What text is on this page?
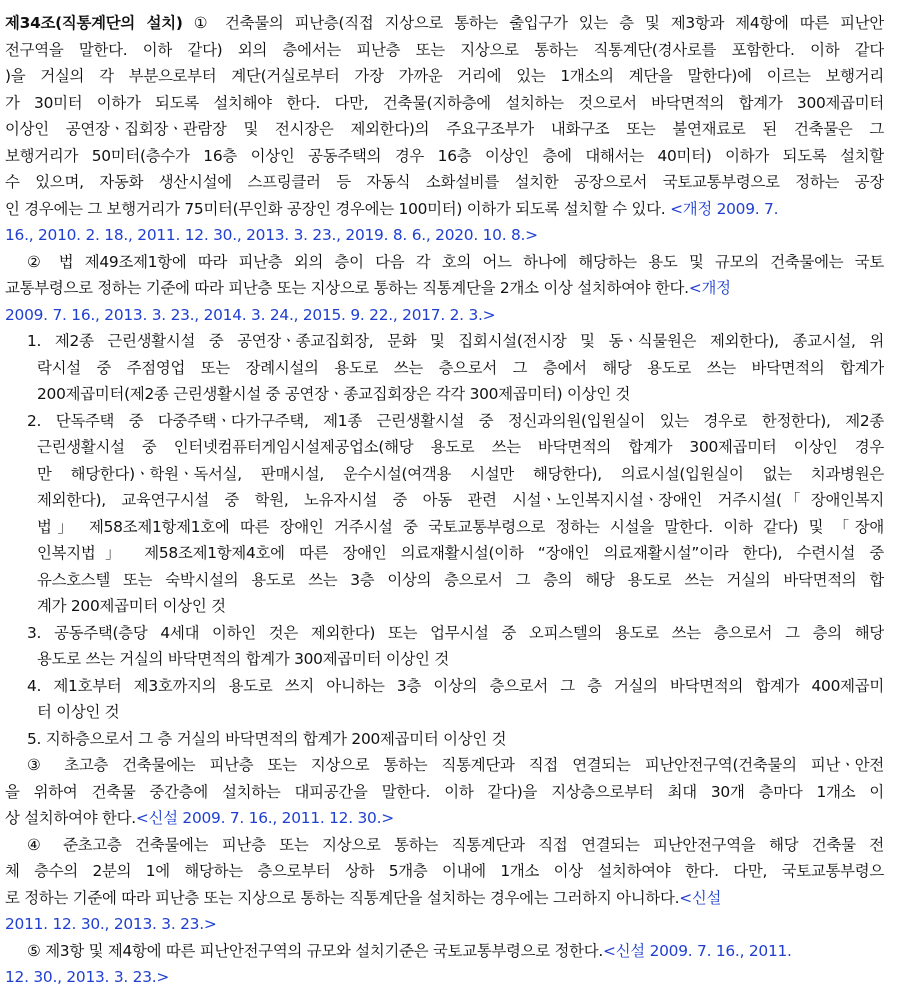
제34조(직통계단의 설치) ① 건축물의 피난층(직접 지상으로 통하는 출입구가 있는 층 및 제3항과 제4항에 따른 피난안
전구역을 말한다. 이하 같다) 외의 층에서는 피난층 또는 지상으로 통하는 직통계단(경사로를 포함한다. 이하 같다
)을 거실의 각 부분으로부터 계단(거실로부터 가장 가까운 거리에 있는 1개소의 계단을 말한다)에 이르는 보행거리
가 30미터 이하가 되도록 설치해야 한다. 다만, 건축물(지하층에 설치하는 것으로서 바닥면적의 합계가 300제곱미터
이상인 공연장ㆍ집회장ㆍ관람장 및 전시장은 제외한다)의 주요구조부가 내화구조 또는 불연재료로 된 건축물은 그
보행거리가 50미터(층수가 16층 이상인 공동주택의 경우 16층 이상인 층에 대해서는 40미터) 이하가 되도록 설치할
수 있으며, 자동화 생산시설에 스프링클러 등 자동식 소화설비를 설치한 공장으로서 국토교통부령으로 정하는 공장
인 경우에는 그 보행거리가 75미터(무인화 공장인 경우에는 100미터) 이하가 되도록 설치할 수 있다. <개정 2009. 7.
16., 2010. 2. 18., 2011. 12. 30., 2013. 3. 23., 2019. 8. 6., 2020. 10. 8.>
② 법 제49조제1항에 따라 피난층 외의 층이 다음 각 호의 어느 하나에 해당하는 용도 및 규모의 건축물에는 국토
교통부령으로 정하는 기준에 따라 피난층 또는 지상으로 통하는 직통계단을 2개소 이상 설치하여야 한다.<개정
2009. 7. 16., 2013. 3. 23., 2014. 3. 24., 2015. 9. 22., 2017. 2. 3.>
1. 제2종 근린생활시설 중 공연장ㆍ종교집회장, 문화 및 집회시설(전시장 및 동ㆍ식물원은 제외한다), 종교시설, 위
락시설 중 주점영업 또는 장례시설의 용도로 쓰는 층으로서 그 층에서 해당 용도로 쓰는 바닥면적의 합계가
200제곱미터(제2종 근린생활시설 중 공연장ㆍ종교집회장은 각각 300제곱미터) 이상인 것
2. 단독주택 중 다중주택ㆍ다가구주택, 제1종 근린생활시설 중 정신과의원(입원실이 있는 경우로 한정한다), 제2종
근린생활시설 중 인터넷컴퓨터게임시설제공업소(해당 용도로 쓰는 바닥면적의 합계가 300제곱미터 이상인 경우
만 해당한다)ㆍ학원ㆍ독서실, 판매시설, 운수시설(여객용 시설만 해당한다), 의료시설(입원실이 없는 치과병원은
제외한다), 교육연구시설 중 학원, 노유자시설 중 아동 관련 시설ㆍ노인복지시설ㆍ장애인 거주시설(「장애인복지
법」 제58조제1항제1호에 따른 장애인 거주시설 중 국토교통부령으로 정하는 시설을 말한다. 이하 같다) 및 「장애
인복지법」 제58조제1항제4호에 따른 장애인 의료재활시설(이하 “장애인 의료재활시설”이라 한다), 수련시설 중
유스호스텔 또는 숙박시설의 용도로 쓰는 3층 이상의 층으로서 그 층의 해당 용도로 쓰는 거실의 바닥면적의 합
계가 200제곱미터 이상인 것
3. 공동주택(층당 4세대 이하인 것은 제외한다) 또는 업무시설 중 오피스텔의 용도로 쓰는 층으로서 그 층의 해당
용도로 쓰는 거실의 바닥면적의 합계가 300제곱미터 이상인 것
4. 제1호부터 제3호까지의 용도로 쓰지 아니하는 3층 이상의 층으로서 그 층 거실의 바닥면적의 합계가 400제곱미
터 이상인 것
5. 지하층으로서 그 층 거실의 바닥면적의 합계가 200제곱미터 이상인 것
③ 초고층 건축물에는 피난층 또는 지상으로 통하는 직통계단과 직접 연결되는 피난안전구역(건축물의 피난ㆍ안전
을 위하여 건축물 중간층에 설치하는 대피공간을 말한다. 이하 같다)을 지상층으로부터 최대 30개 층마다 1개소 이
상 설치하여야 한다.<신설 2009. 7. 16., 2011. 12. 30.>
④ 준초고층 건축물에는 피난층 또는 지상으로 통하는 직통계단과 직접 연결되는 피난안전구역을 해당 건축물 전
체 층수의 2분의 1에 해당하는 층으로부터 상하 5개층 이내에 1개소 이상 설치하여야 한다. 다만, 국토교통부령으
로 정하는 기준에 따라 피난층 또는 지상으로 통하는 직통계단을 설치하는 경우에는 그러하지 아니하다.<신설
2011. 12. 30., 2013. 3. 23.>
⑤ 제3항 및 제4항에 따른 피난안전구역의 규모와 설치기준은 국토교통부령으로 정한다.<신설 2009. 7. 16., 2011.
12. 30., 2013. 3. 23.>
